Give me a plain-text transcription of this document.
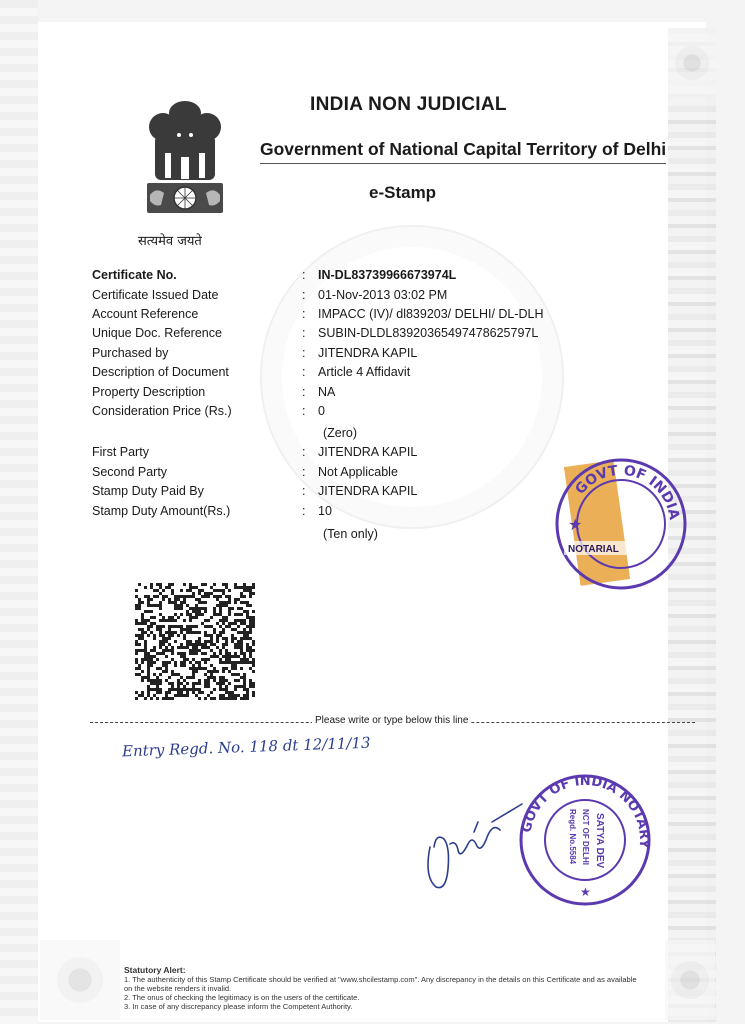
सत्यमेव जयते
INDIA NON JUDICIAL
Government of National Capital Territory of Delhi
e-Stamp
Certificate No.	: IN-DL83739966673974L
Certificate Issued Date	: 01-Nov-2013 03:02 PM
Account Reference	: IMPACC (IV)/ dl839203/ DELHI/ DL-DLH
Unique Doc. Reference	: SUBIN-DLDL83920365497478625797L
Purchased by	: JITENDRA KAPIL
Description of Document	: Article 4 Affidavit
Property Description	: NA
Consideration Price (Rs.)	: 0
(Zero)
First Party	: JITENDRA KAPIL
Second Party	: Not Applicable
Stamp Duty Paid By	: JITENDRA KAPIL
Stamp Duty Amount(Rs.)	: 10
(Ten only)
GOVT OF INDIA
NOTARIAL
★
Please write or type below this line
Entry Regd. No. 118 dt 12/11/13
GOVT OF INDIA NOTARY
SATYA DEV
NCT OF DELHI
Regd. No.5584
★
Statutory Alert:
1. The authenticity of this Stamp Certificate should be verified at "www.shcilestamp.com". Any discrepancy in the details on this Certificate and as available on the website renders it invalid.
2. The onus of checking the legitimacy is on the users of the certificate.
3. In case of any discrepancy please inform the Competent Authority.
